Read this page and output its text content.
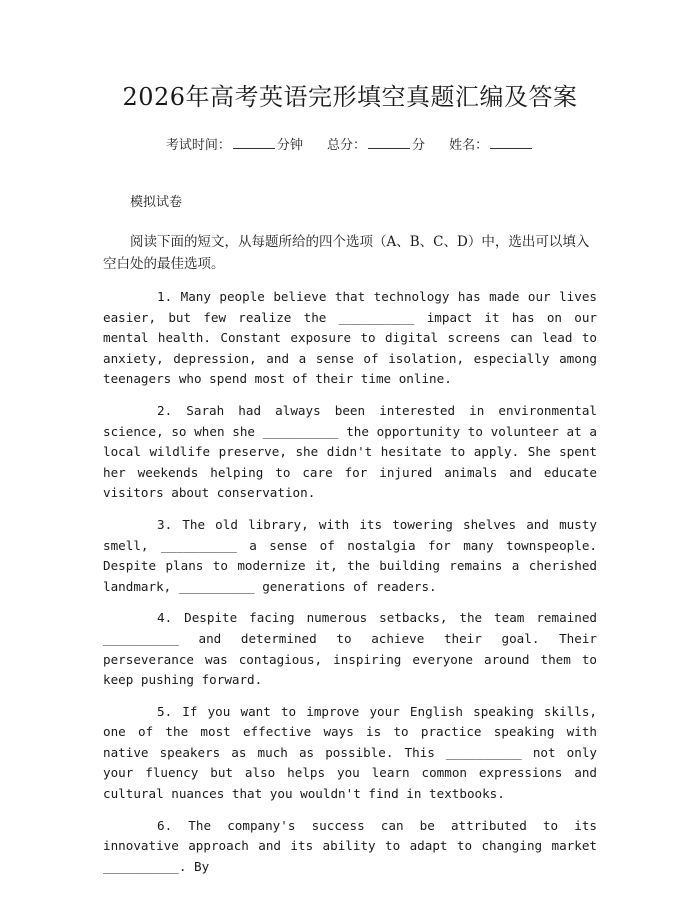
2026年高考英语完形填空真题汇编及答案
考试时间：	分钟 总分：	分 姓名：
模拟试卷
阅读下面的短文，从每题所给的四个选项（A、B、C、D）中，选出可以填入空白处的最佳选项。

1. Many people believe that technology has made our lives easier, but few realize the __________ impact it has on our mental health. Constant exposure to digital screens can lead to anxiety, depression, and a sense of isolation, especially among teenagers who spend most of their time online.

2. Sarah had always been interested in environmental science, so when she __________ the opportunity to volunteer at a local wildlife preserve, she didn't hesitate to apply. She spent her weekends helping to care for injured animals and educate visitors about conservation.

3. The old library, with its towering shelves and musty smell, __________ a sense of nostalgia for many townspeople. Despite plans to modernize it, the building remains a cherished landmark, __________ generations of readers.

4. Despite facing numerous setbacks, the team remained __________ and determined to achieve their goal. Their perseverance was contagious, inspiring everyone around them to keep pushing forward.

5. If you want to improve your English speaking skills, one of the most effective ways is to practice speaking with native speakers as much as possible. This __________ not only your fluency but also helps you learn common expressions and cultural nuances that you wouldn't find in textbooks.

6. The company's success can be attributed to its innovative approach and its ability to adapt to changing market __________. By
